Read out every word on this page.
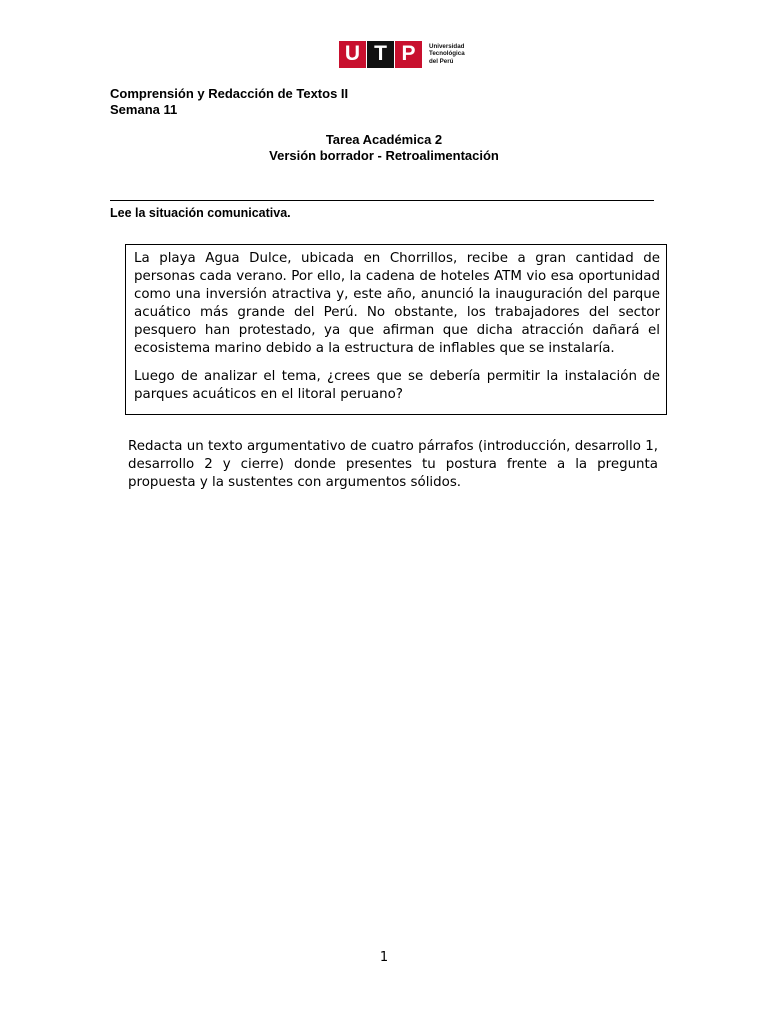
U T P	Universidad
Tecnológica
del Perú
Comprensión y Redacción de Textos II
Semana 11
Tarea Académica 2
Versión borrador - Retroalimentación
Lee la situación comunicativa.

La playa Agua Dulce, ubicada en Chorrillos, recibe a gran cantidad de personas cada verano. Por ello, la cadena de hoteles ATM vio esa oportunidad como una inversión atractiva y, este año, anunció la inauguración del parque acuático más grande del Perú. No obstante, los trabajadores del sector pesquero han protestado, ya que afirman que dicha atracción dañará el ecosistema marino debido a la estructura de inflables que se instalaría.

Luego de analizar el tema, ¿crees que se debería permitir la instalación de parques acuáticos en el litoral peruano?

Redacta un texto argumentativo de cuatro párrafos (introducción, desarrollo 1, desarrollo 2 y cierre) donde presentes tu postura frente a la pregunta propuesta y la sustentes con argumentos sólidos.

1
